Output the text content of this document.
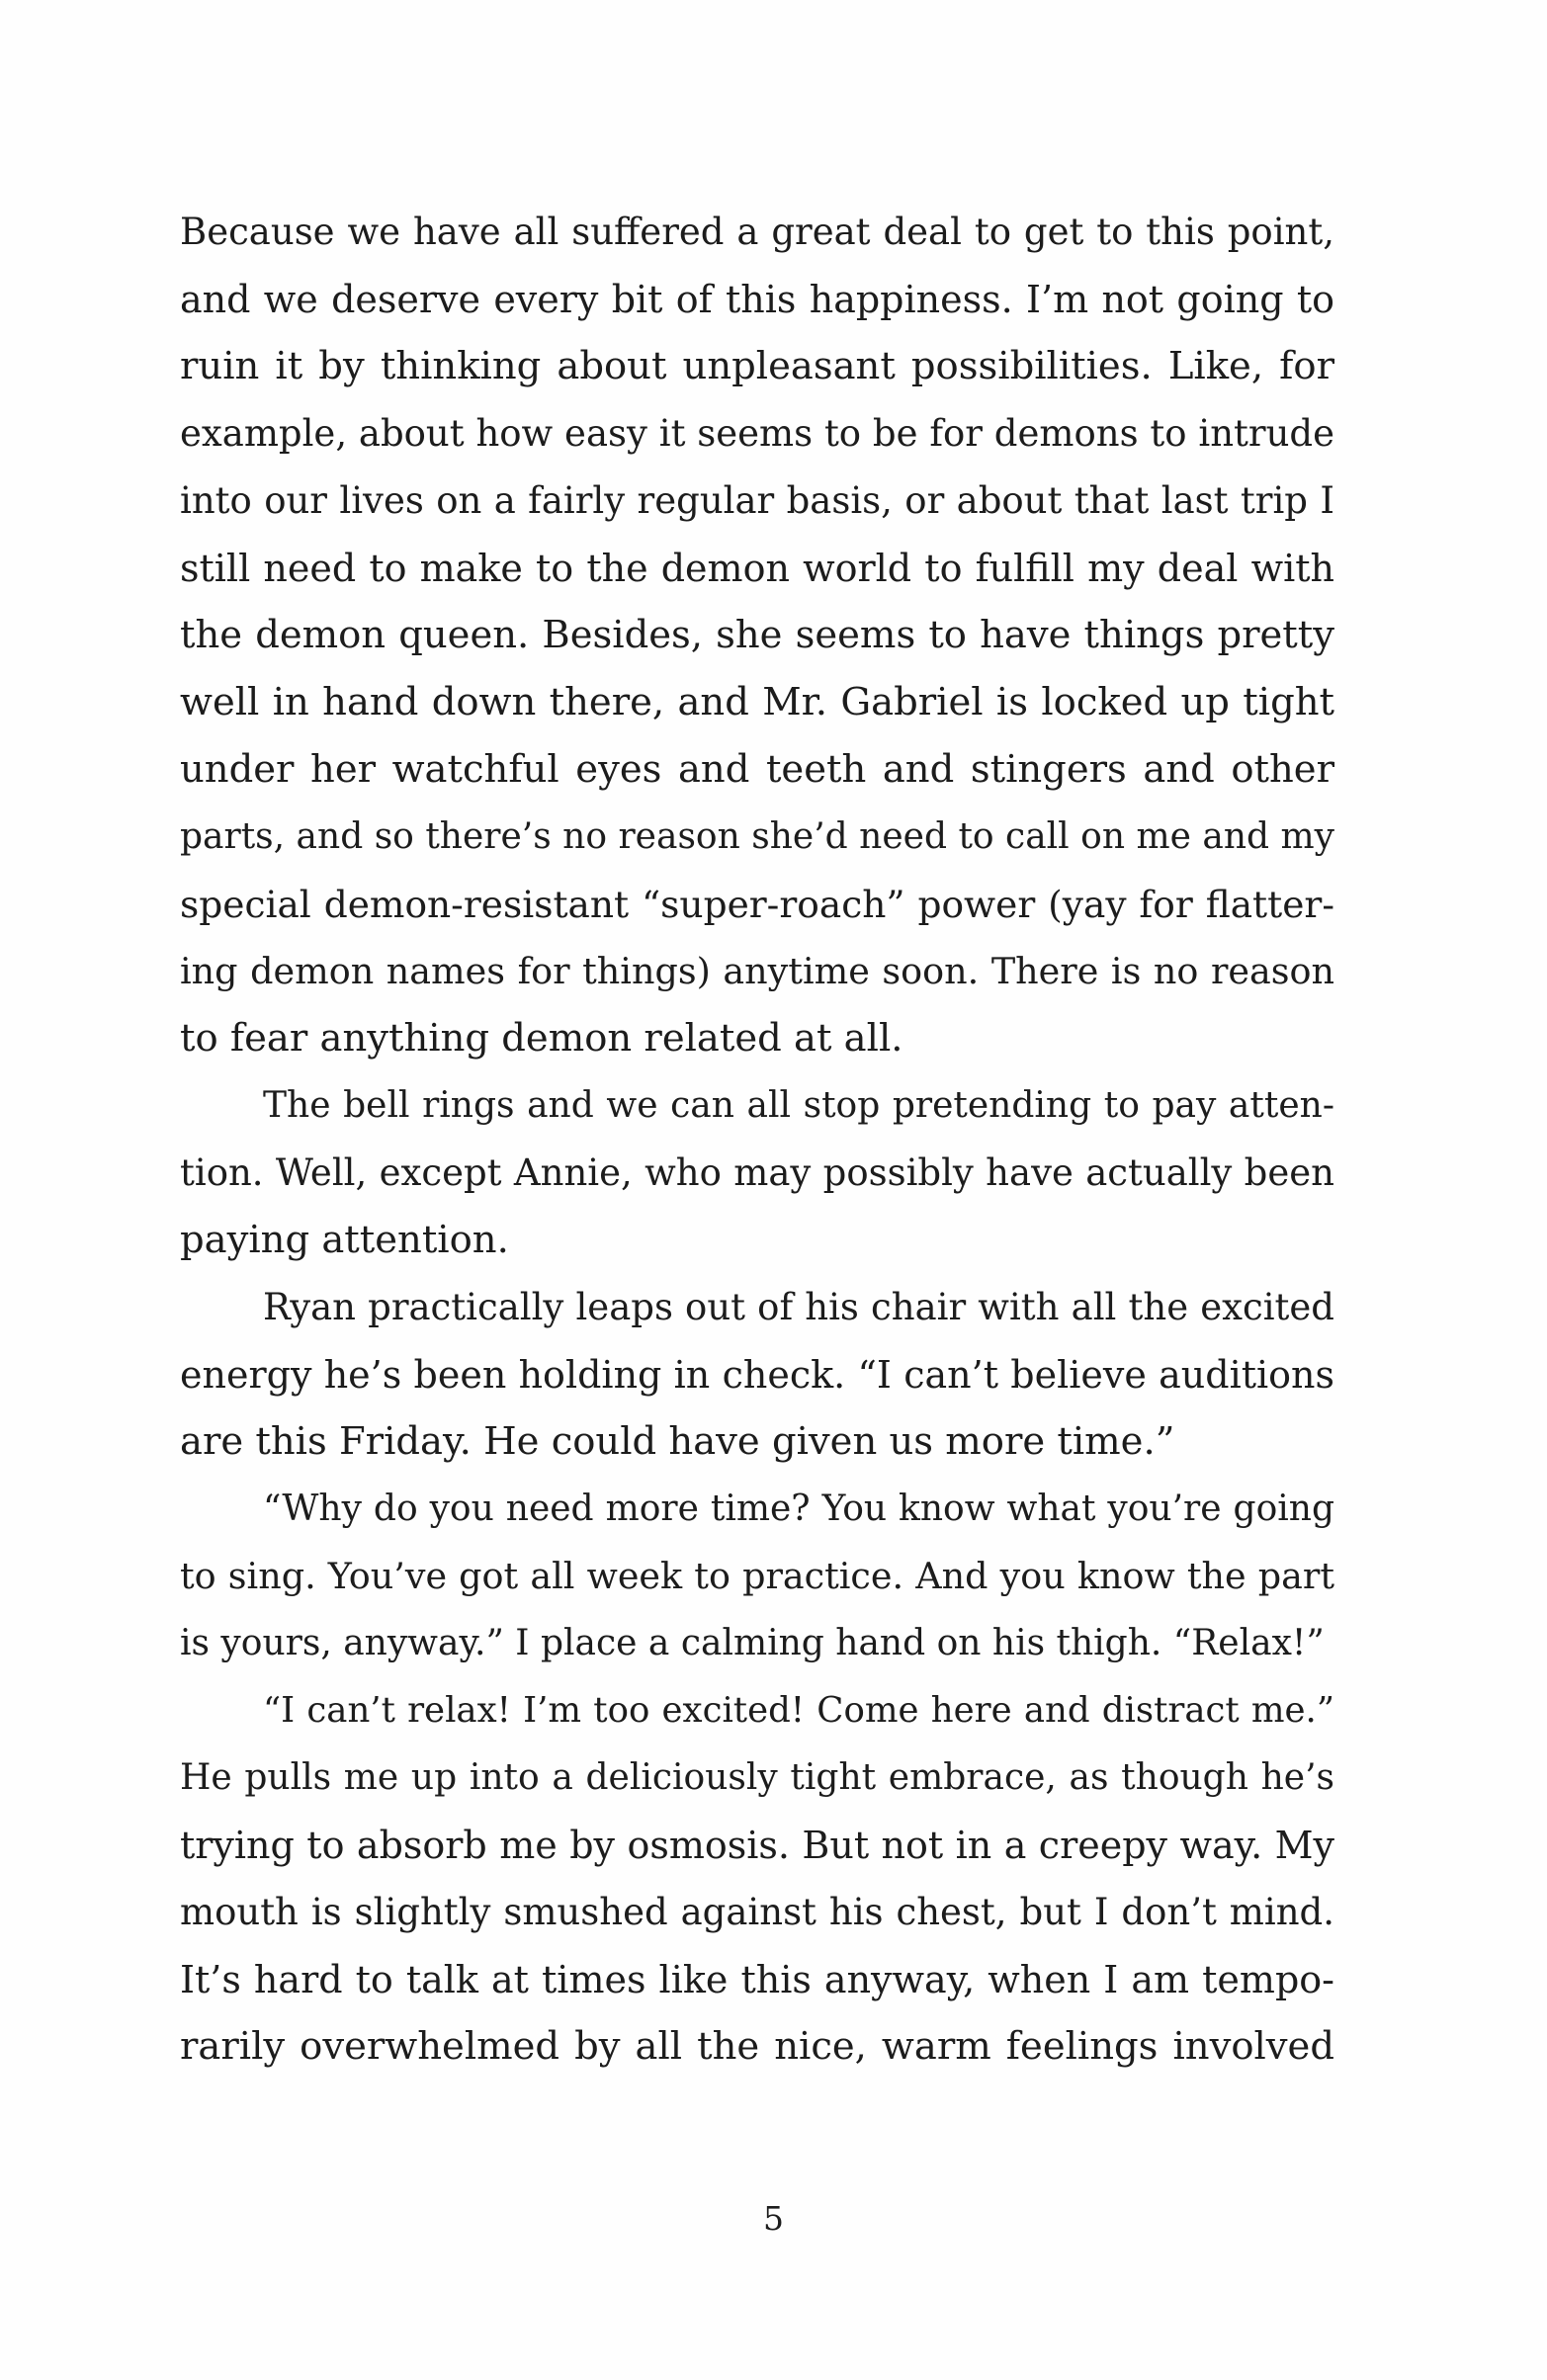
Because we have all suffered a great deal to get to this point,
and we deserve every bit of this happiness. I’m not going to
ruin it by thinking about unpleasant possibilities. Like, for
example, about how easy it seems to be for demons to intrude
into our lives on a fairly regular basis, or about that last trip I
still need to make to the demon world to fulfill my deal with
the demon queen. Besides, she seems to have things pretty
well in hand down there, and Mr. Gabriel is locked up tight
under her watchful eyes and teeth and stingers and other
parts, and so there’s no reason she’d need to call on me and my
special demon-resistant “super-roach” power (yay for flatter-
ing demon names for things) anytime soon. There is no reason
to fear anything demon related at all.
The bell rings and we can all stop pretending to pay atten-
tion. Well, except Annie, who may possibly have actually been
paying attention.
Ryan practically leaps out of his chair with all the excited
energy he’s been holding in check. “I can’t believe auditions
are this Friday. He could have given us more time.”
“Why do you need more time? You know what you’re going
to sing. You’ve got all week to practice. And you know the part
is yours, anyway.” I place a calming hand on his thigh. “Relax!”
“I can’t relax! I’m too excited! Come here and distract me.”
He pulls me up into a deliciously tight embrace, as though he’s
trying to absorb me by osmosis. But not in a creepy way. My
mouth is slightly smushed against his chest, but I don’t mind.
It’s hard to talk at times like this anyway, when I am tempo-
rarily overwhelmed by all the nice, warm feelings involved
5
